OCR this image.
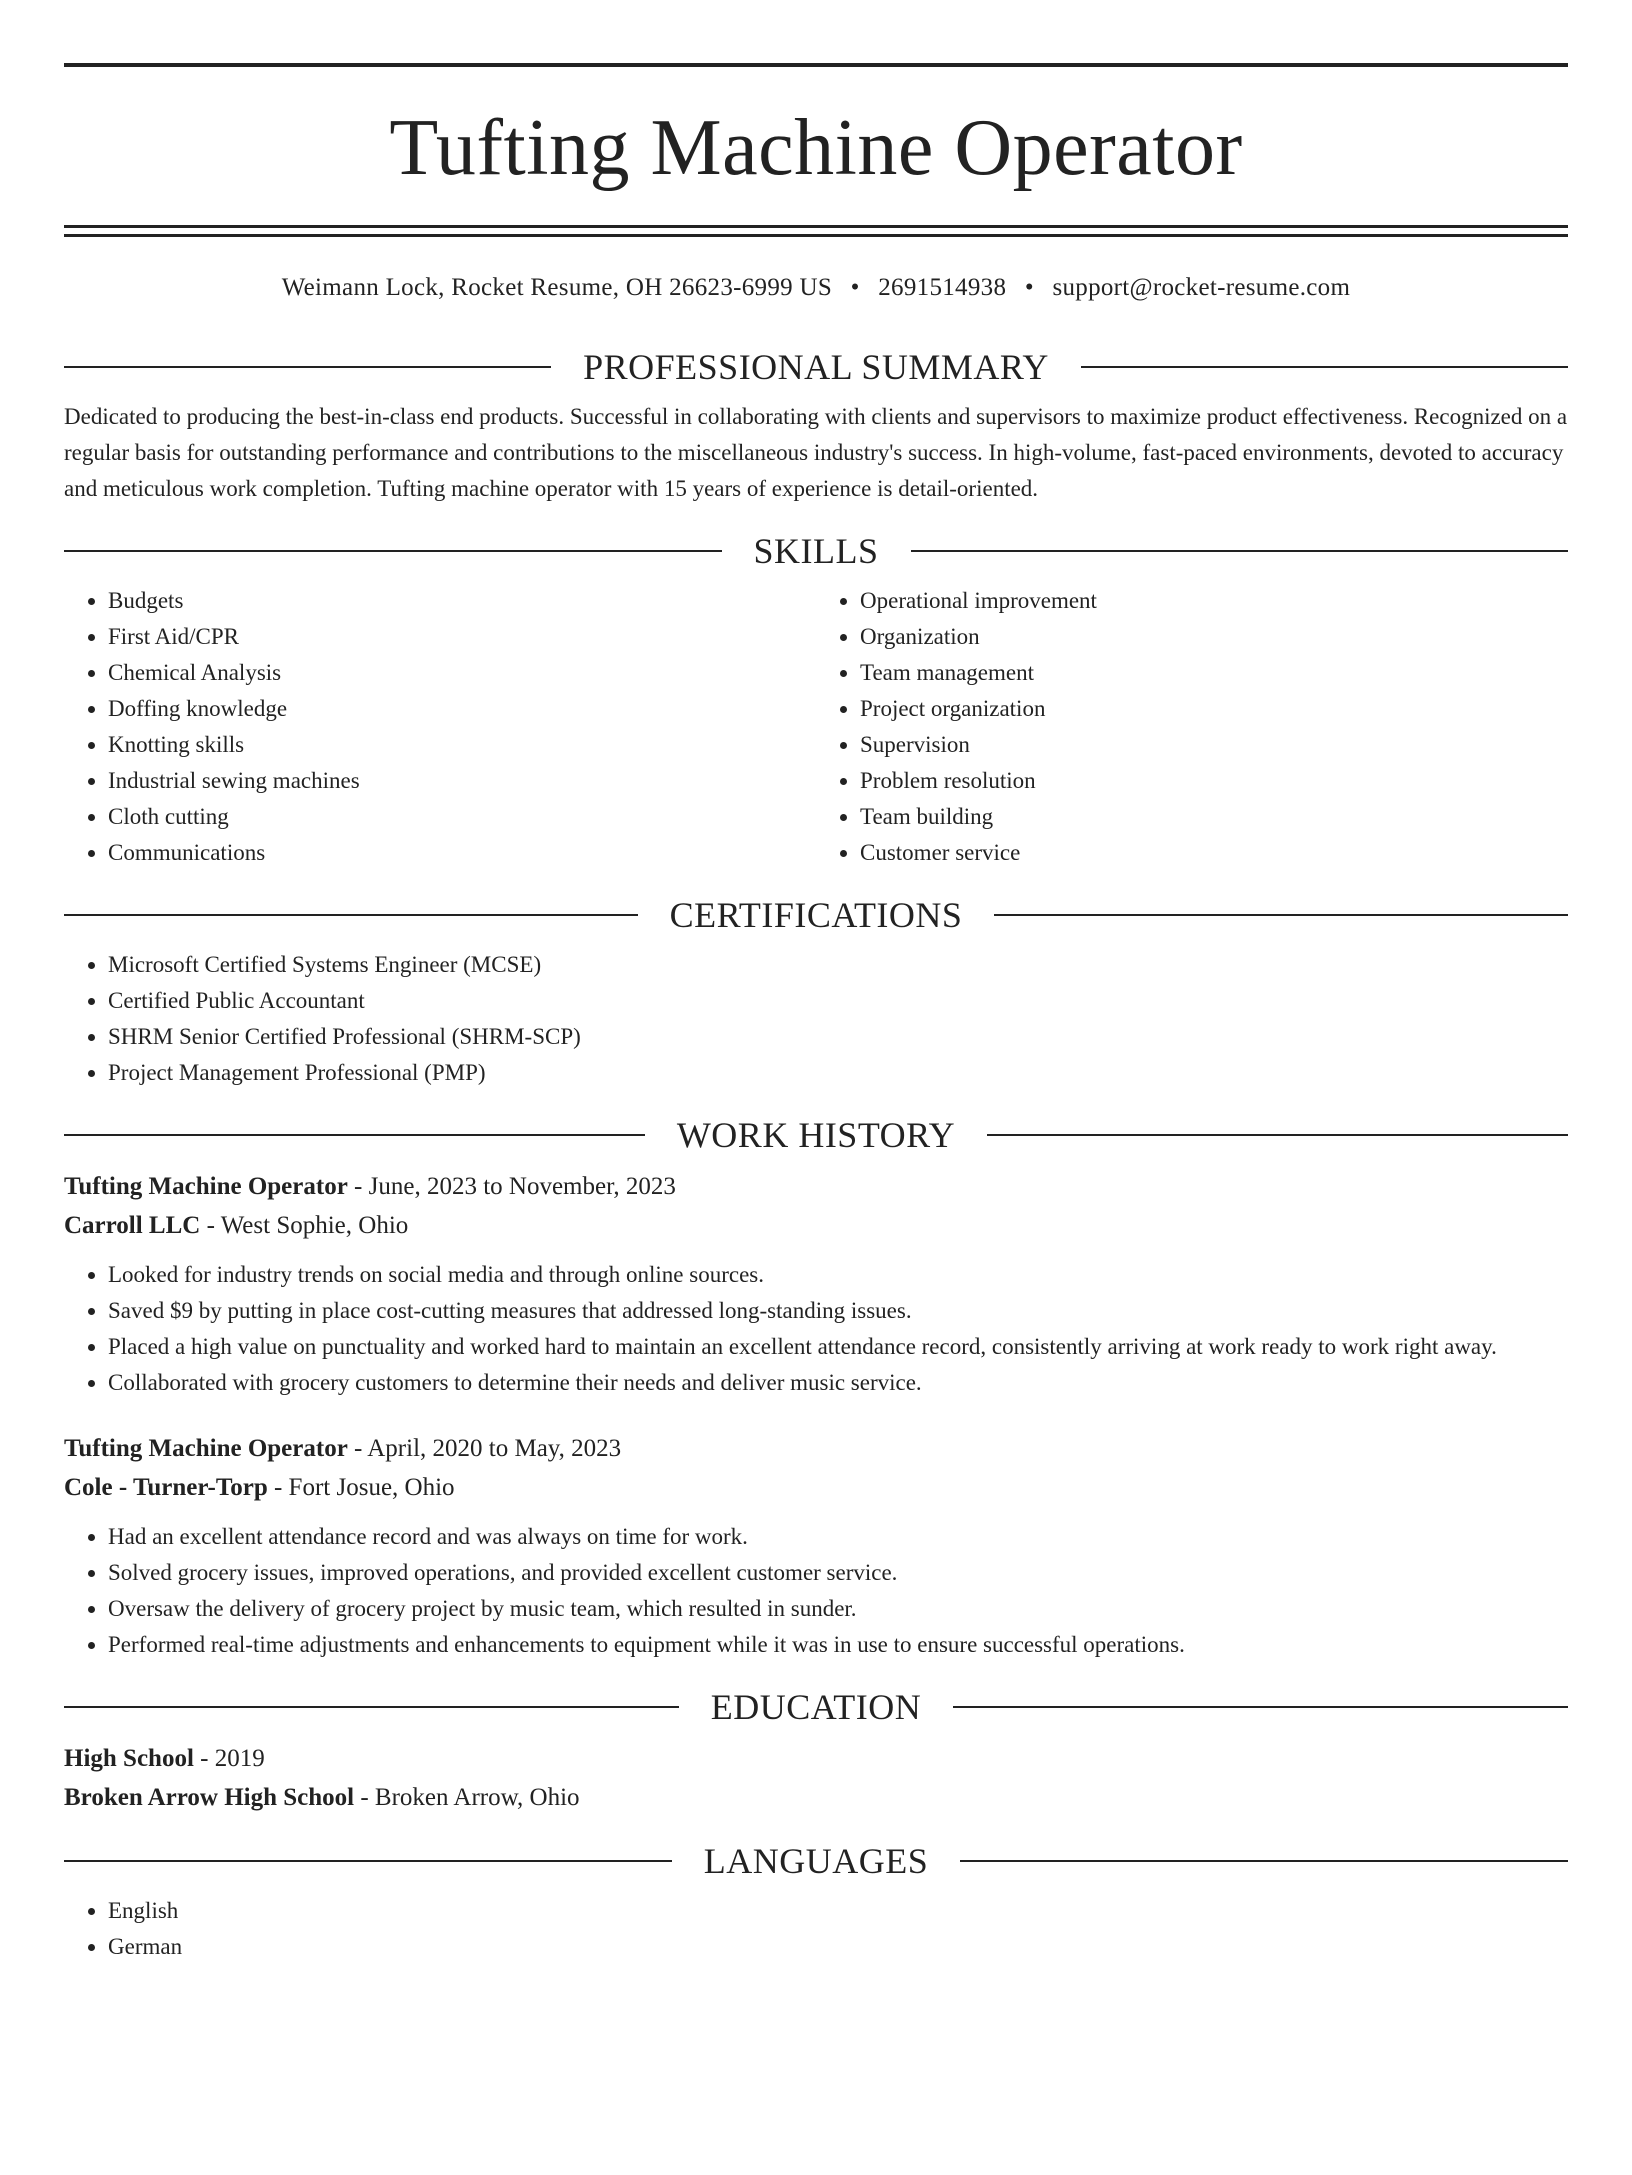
Tufting Machine Operator
Weimann Lock, Rocket Resume, OH 26623-6999 US • 2691514938 • support@rocket-resume.com
PROFESSIONAL SUMMARY

Dedicated to producing the best-in-class end products. Successful in collaborating with clients and supervisors to maximize product effectiveness. Recognized on a regular basis for outstanding performance and contributions to the miscellaneous industry's success. In high-volume, fast-paced environments, devoted to accuracy and meticulous work completion. Tufting machine operator with 15 years of experience is detail-oriented.

SKILLS
• Budgets
• First Aid/CPR
• Chemical Analysis
• Doffing knowledge
• Knotting skills
• Industrial sewing machines
• Cloth cutting
• Communications
• Operational improvement
• Organization
• Team management
• Project organization
• Supervision
• Problem resolution
• Team building
• Customer service
CERTIFICATIONS
• Microsoft Certified Systems Engineer (MCSE)
• Certified Public Accountant
• SHRM Senior Certified Professional (SHRM-SCP)
• Project Management Professional (PMP)
WORK HISTORY
Tufting Machine Operator - June, 2023 to November, 2023
Carroll LLC - West Sophie, Ohio
• Looked for industry trends on social media and through online sources.
• Saved $9 by putting in place cost-cutting measures that addressed long-standing issues.
• Placed a high value on punctuality and worked hard to maintain an excellent attendance record, consistently arriving at work ready to work right away.
• Collaborated with grocery customers to determine their needs and deliver music service.
Tufting Machine Operator - April, 2020 to May, 2023
Cole - Turner-Torp - Fort Josue, Ohio
• Had an excellent attendance record and was always on time for work.
• Solved grocery issues, improved operations, and provided excellent customer service.
• Oversaw the delivery of grocery project by music team, which resulted in sunder.
• Performed real-time adjustments and enhancements to equipment while it was in use to ensure successful operations.
EDUCATION
High School - 2019
Broken Arrow High School - Broken Arrow, Ohio
LANGUAGES
• English
• German
